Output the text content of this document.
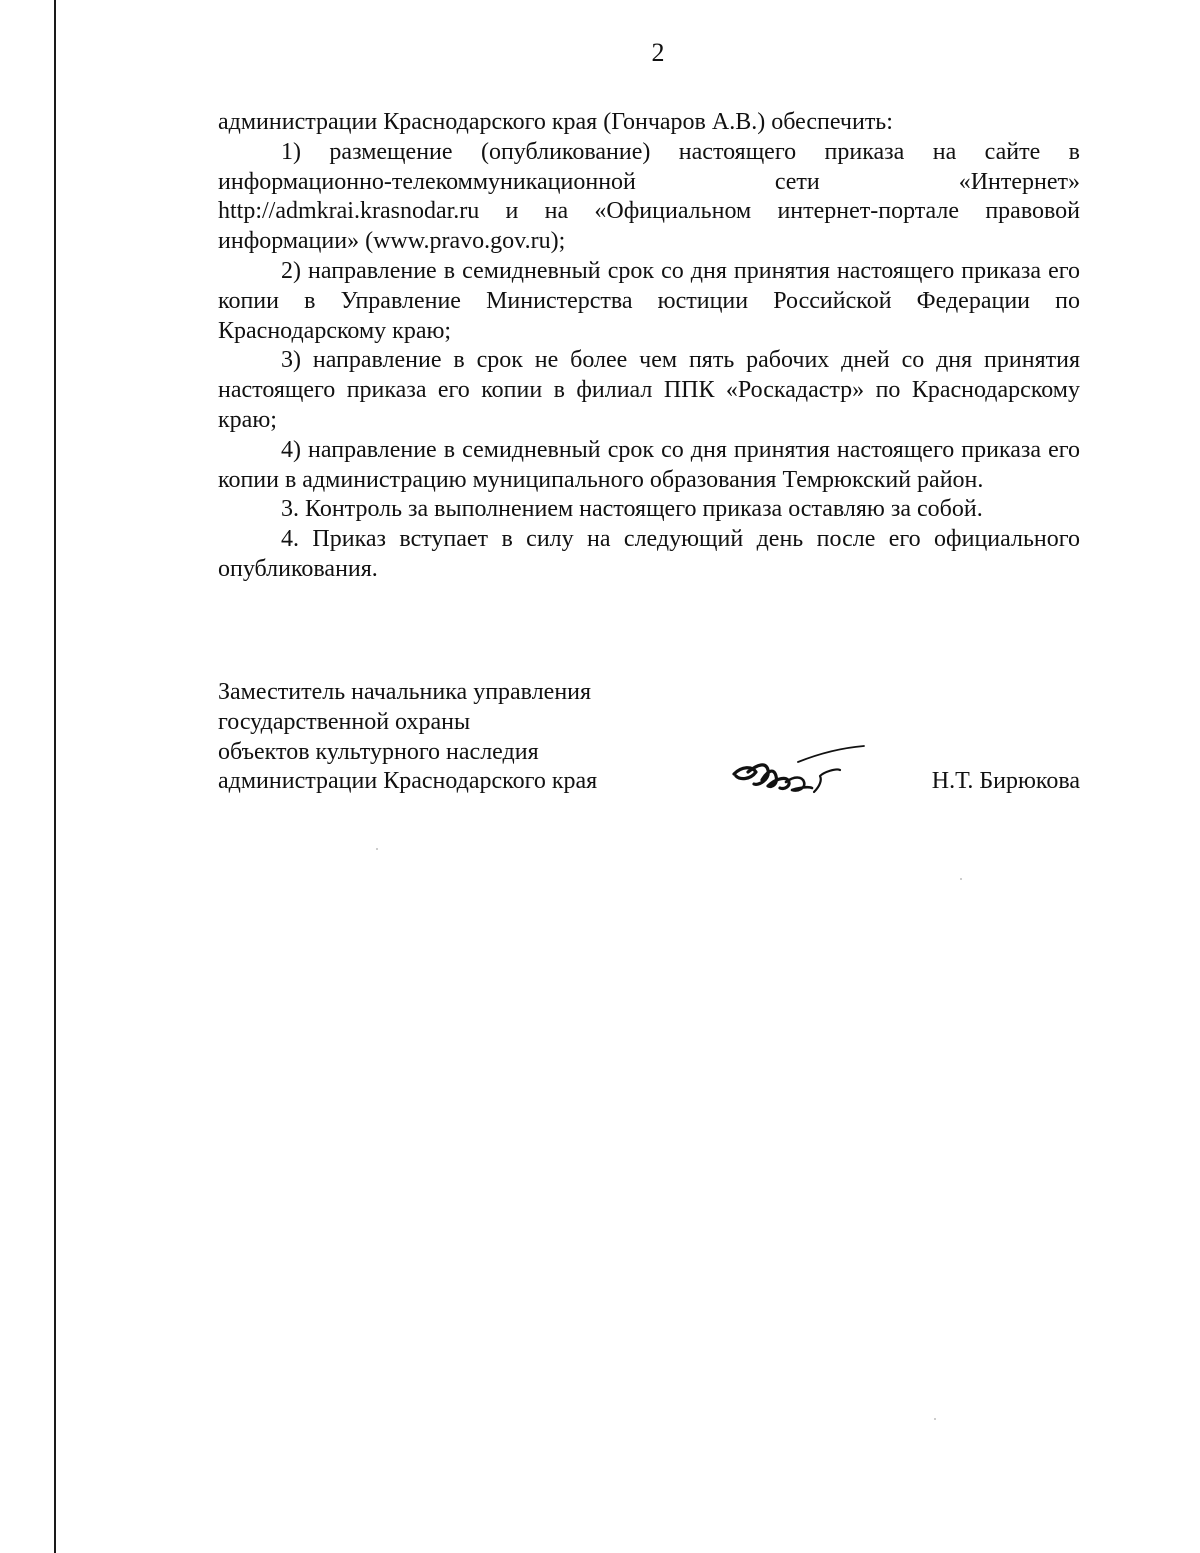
2

администрации Краснодарского края (Гончаров А.В.) обеспечить:

1) размещение (опубликование) настоящего приказа на сайте в информационно-телекоммуникационной сети «Интернет» http://admkrai.krasnodar.ru и на «Официальном интернет-портале правовой информации» (www.pravo.gov.ru);

2) направление в семидневный срок со дня принятия настоящего приказа его копии в Управление Министерства юстиции Российской Федерации по Краснодарскому краю;

3) направление в срок не более чем пять рабочих дней со дня принятия настоящего приказа его копии в филиал ППК «Роскадастр» по Краснодарскому краю;

4) направление в семидневный срок со дня принятия настоящего приказа его копии в администрацию муниципального образования Темрюкский район.

3. Контроль за выполнением настоящего приказа оставляю за собой.

4. Приказ вступает в силу на следующий день после его официального опубликования.

Заместитель начальника управления
государственной охраны
объектов культурного наследия
администрации Краснодарского края	Н.Т. Бирюкова
